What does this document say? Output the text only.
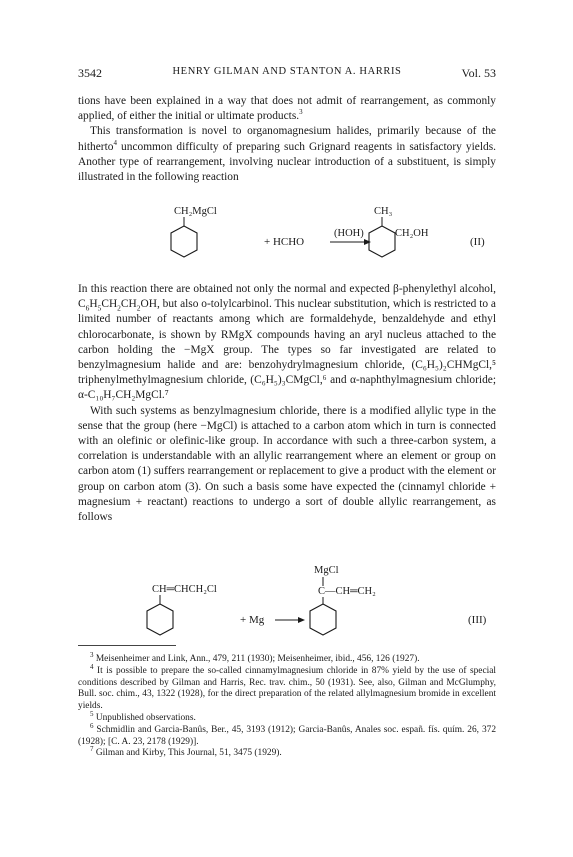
3542	HENRY GILMAN AND STANTON A. HARRIS	Vol. 53

tions have been explained in a way that does not admit of rearrangement, as commonly applied, of either the initial or ultimate products.$^3$

This transformation is novel to organomagnesium halides, primarily because of the hitherto$^4$ uncommon difficulty of preparing such Grignard reagents in satisfactory yields. Another type of rearrangement, involving nuclear introduction of a substituent, is simply illustrated in the following reaction

CH₂MgCl
+ HCHO
(HOH)
CH₃
CH₂OH
(II)

In this reaction there are obtained not only the normal and expected β-phenylethyl alcohol, $C_6H_5CH_2CH_2OH$, but also o-tolylcarbinol. This nuclear substitution, which is restricted to a limited number of reactants among which are formaldehyde, benzaldehyde and ethyl chlorocarbonate, is shown by RMgX compounds having an aryl nucleus attached to the carbon holding the −MgX group. The types so far investigated are related to benzylmagnesium halide and are: benzohydrylmagnesium chloride, (C₆H₅)₂CHMgCl,⁵ triphenylmethylmagnesium chloride, (C₆H₅)₃CMgCl,⁶ and α-naphthylmagnesium chloride; α-C₁₀H₇CH₂MgCl.⁷

With such systems as benzylmagnesium chloride, there is a modified allylic type in the sense that the group (here −MgCl) is attached to a carbon atom which in turn is connected with an olefinic or olefinic-like group. In accordance with such a three-carbon system, a correlation is understandable with an allylic rearrangement where an element or group on carbon atom (1) suffers rearrangement or replacement to give a product with the element or group on carbon atom (3). On such a basis some have expected the (cinnamyl chloride + magnesium + reactant) reactions to undergo a sort of double allylic rearrangement, as follows

CH═CHCH₂Cl
+ Mg
MgCl
C—CH═CH₂
(III)

$^3$ Meisenheimer and Link, Ann., 479, 211 (1930); Meisenheimer, ibid., 456, 126 (1927).

$^4$ It is possible to prepare the so-called cinnamylmagnesium chloride in 87% yield by the use of special conditions described by Gilman and Harris, Rec. trav. chim., 50 (1931). See, also, Gilman and McGlumphy, Bull. soc. chim., 43, 1322 (1928), for the direct preparation of the related allylmagnesium bromide in excellent yields.

$^5$ Unpublished observations.

$^6$ Schmidlin and Garcia-Banûs, Ber., 45, 3193 (1912); Garcia-Banûs, Anales soc. españ. fís. quím. 26, 372 (1928); [C. A. 23, 2178 (1929)].

$^7$ Gilman and Kirby, This Journal, 51, 3475 (1929).
